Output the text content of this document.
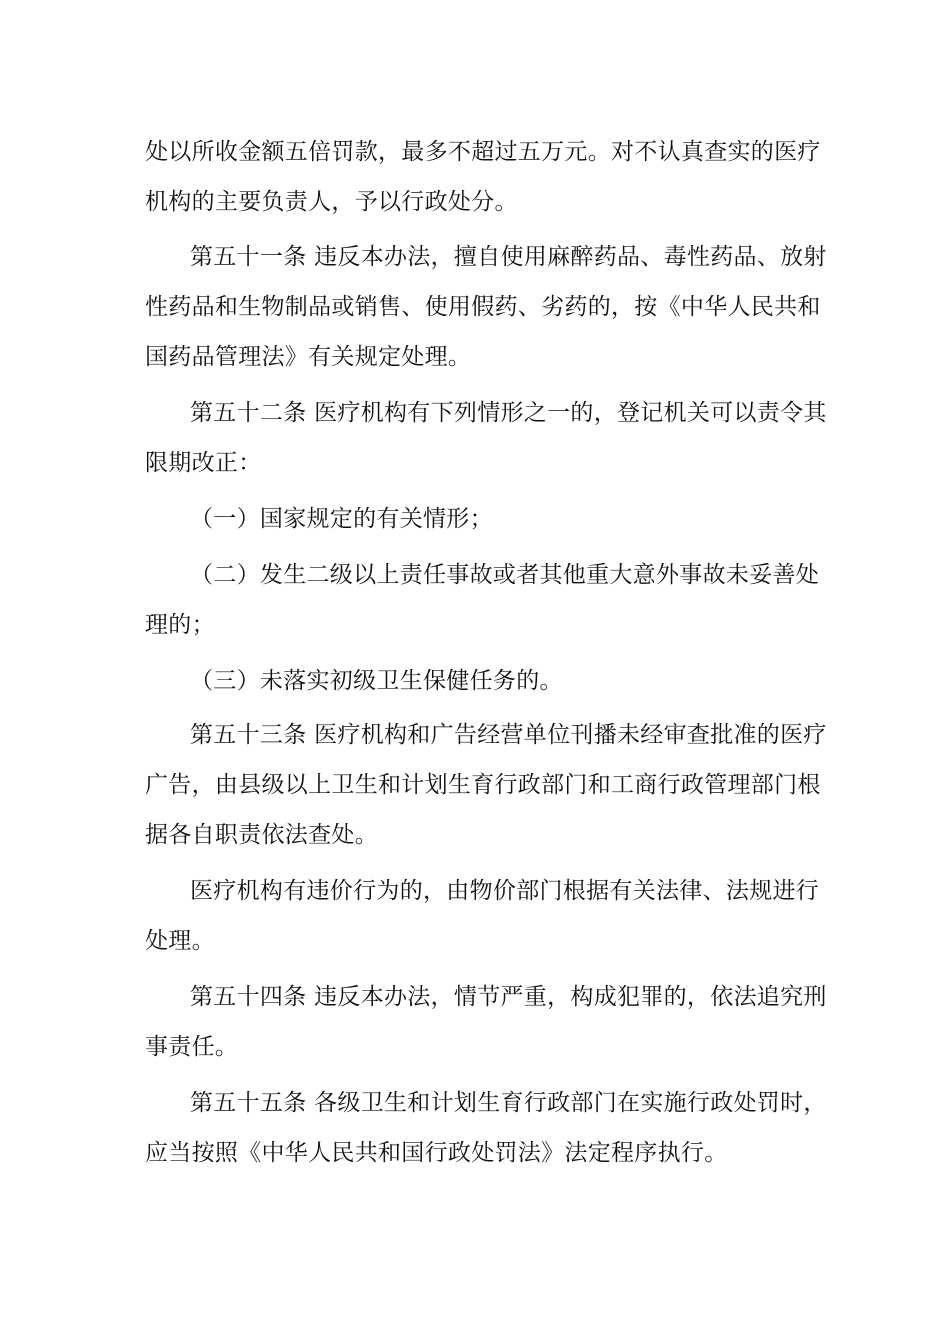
处以所收金额五倍罚款，最多不超过五万元。对不认真查实的医疗
机构的主要负责人，予以行政处分。
第五十一条 违反本办法，擅自使用麻醉药品、毒性药品、放射
性药品和生物制品或销售、使用假药、劣药的，按《中华人民共和
国药品管理法》有关规定处理。
第五十二条 医疗机构有下列情形之一的，登记机关可以责令其
限期改正：
（一）国家规定的有关情形；
（二）发生二级以上责任事故或者其他重大意外事故未妥善处
理的；
（三）未落实初级卫生保健任务的。
第五十三条 医疗机构和广告经营单位刊播未经审查批准的医疗
广告，由县级以上卫生和计划生育行政部门和工商行政管理部门根
据各自职责依法查处。
医疗机构有违价行为的，由物价部门根据有关法律、法规进行
处理。
第五十四条 违反本办法，情节严重，构成犯罪的，依法追究刑
事责任。
第五十五条 各级卫生和计划生育行政部门在实施行政处罚时，
应当按照《中华人民共和国行政处罚法》法定程序执行。
